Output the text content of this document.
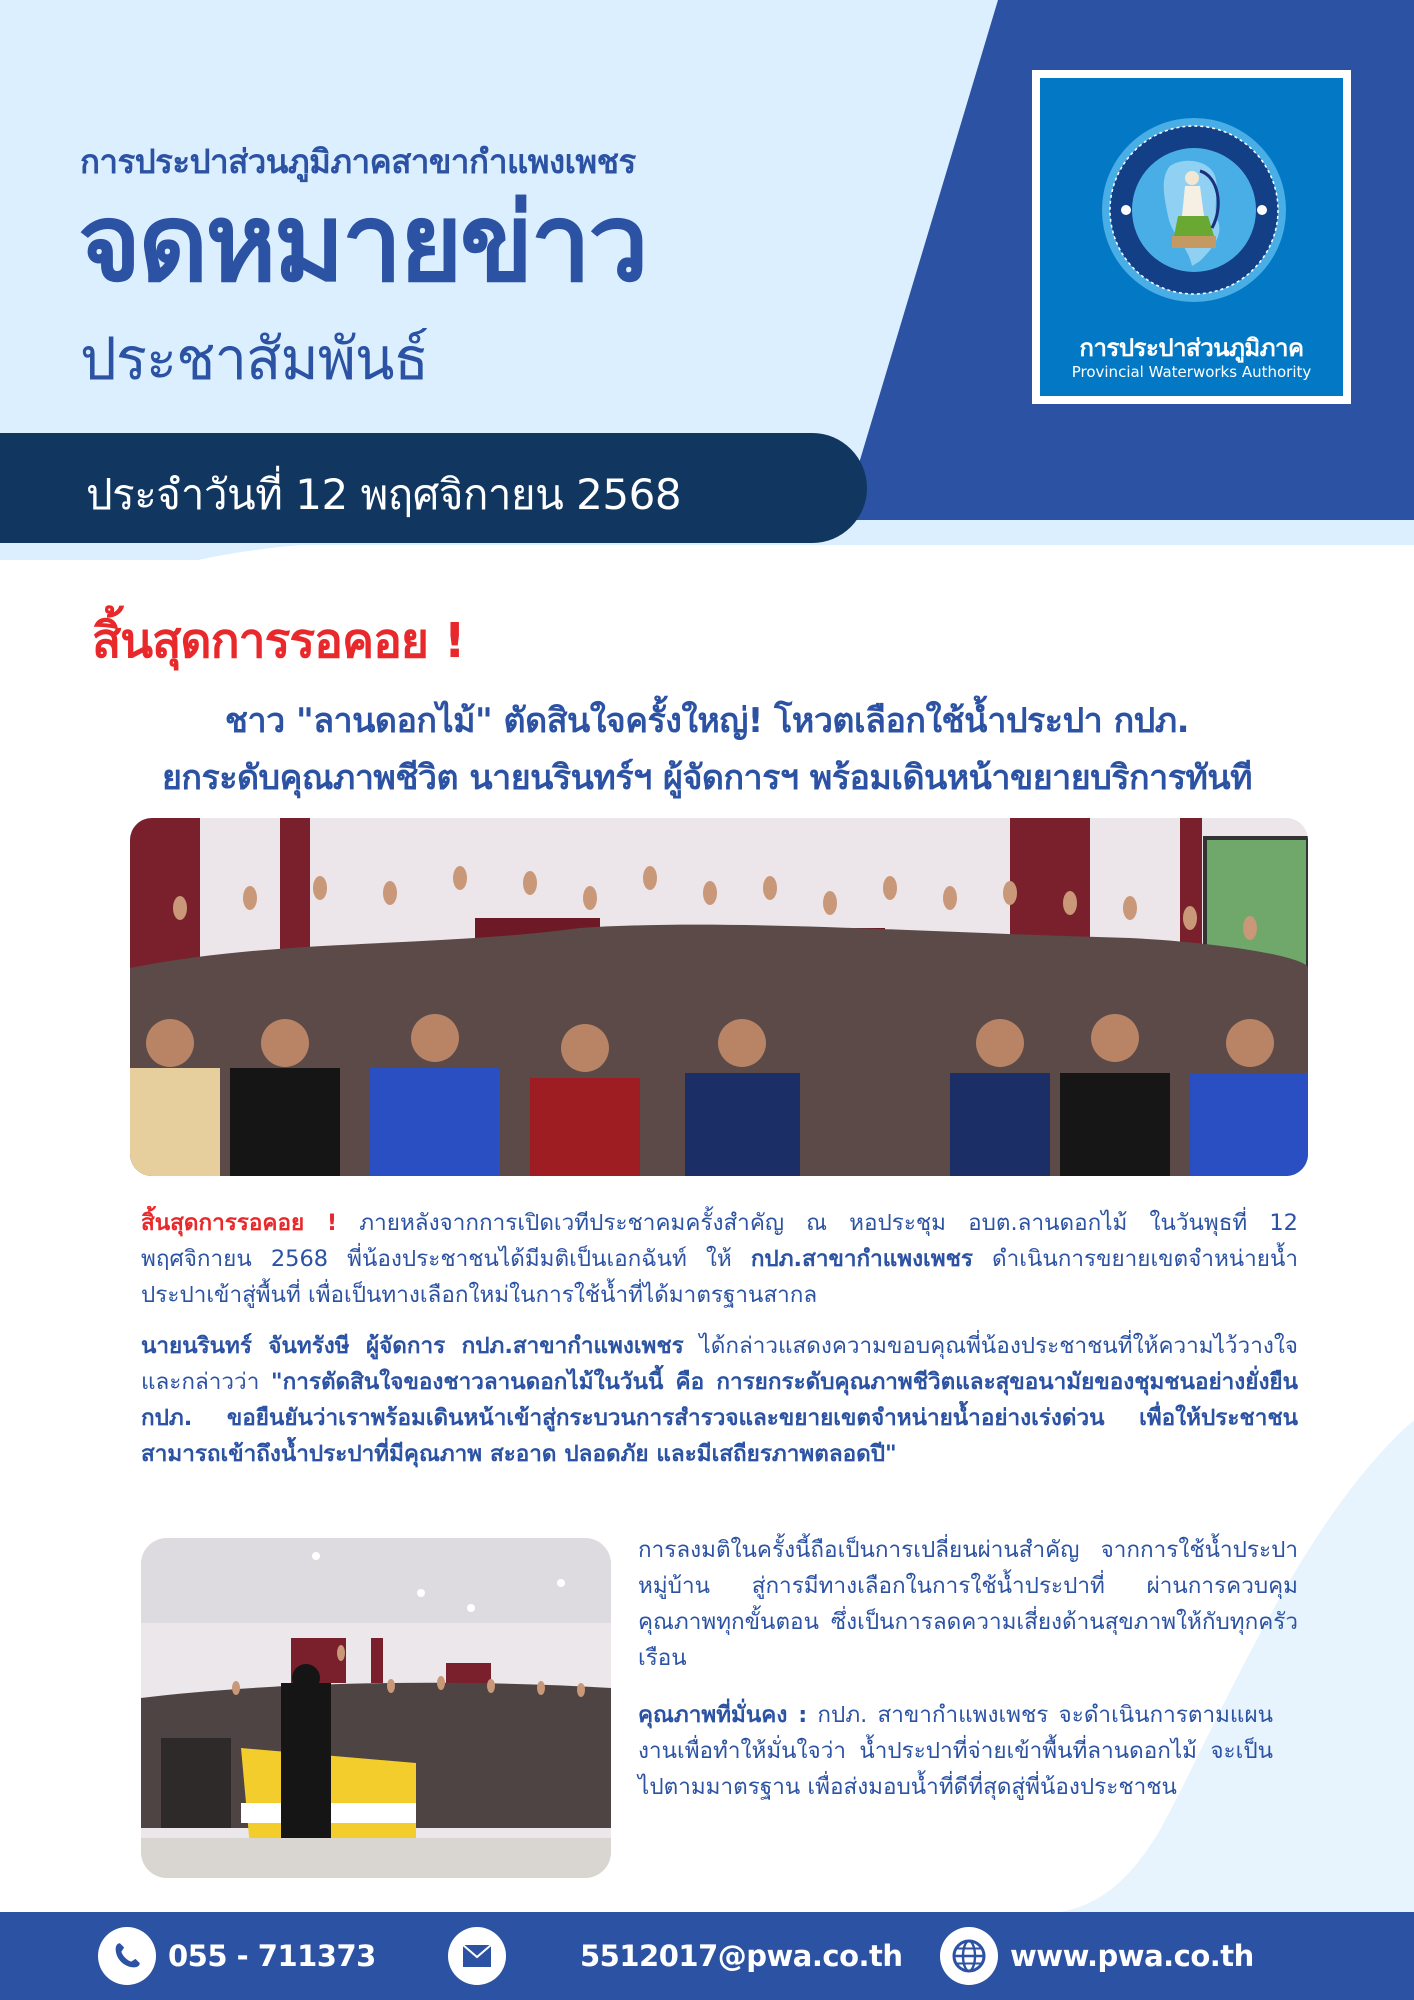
การประปาส่วนภูมิภาคสาขากำแพงเพชร
จดหมายข่าว
ประชาสัมพันธ์
ประจำวันที่ 12 พฤศจิกายน 2568
การประปาส่วนภูมิภาค
Provincial Waterworks Authority
สิ้นสุดการรอคอย !
ชาว "ลานดอกไม้" ตัดสินใจครั้งใหญ่! โหวตเลือกใช้น้ำประปา กปภ.
ยกระดับคุณภาพชีวิต นายนรินทร์ฯ ผู้จัดการฯ พร้อมเดินหน้าขยายบริการทันที

สิ้นสุดการรอคอย ! ภายหลังจากการเปิดเวทีประชาคมครั้งสำคัญ ณ หอประชุม อบต.ลานดอกไม้ ในวันพุธที่ 12 พฤศจิกายน 2568 พี่น้องประชาชนได้มีมติเป็นเอกฉันท์ ให้ กปภ.สาขากำแพงเพชร ดำเนินการขยายเขตจำหน่ายน้ำประปาเข้าสู่พื้นที่ เพื่อเป็นทางเลือกใหม่ในการใช้น้ำที่ได้มาตรฐานสากล

นายนรินทร์ จันทรังษี ผู้จัดการ กปภ.สาขากำแพงเพชร ได้กล่าวแสดงความขอบคุณพี่น้องประชาชนที่ให้ความไว้วางใจ และกล่าวว่า "การตัดสินใจของชาวลานดอกไม้ในวันนี้ คือ การยกระดับคุณภาพชีวิตและสุขอนามัยของชุมชนอย่างยั่งยืน กปภ. ขอยืนยันว่าเราพร้อมเดินหน้าเข้าสู่กระบวนการสำรวจและขยายเขตจำหน่ายน้ำอย่างเร่งด่วน เพื่อให้ประชาชนสามารถเข้าถึงน้ำประปาที่มีคุณภาพ สะอาด ปลอดภัย และมีเสถียรภาพตลอดปี"

การลงมติในครั้งนี้ถือเป็นการเปลี่ยนผ่านสำคัญ จากการใช้น้ำประปาหมู่บ้าน สู่การมีทางเลือกในการใช้น้ำประปาที่ ผ่านการควบคุมคุณภาพทุกขั้นตอน ซึ่งเป็นการลดความเสี่ยงด้านสุขภาพให้กับทุกครัวเรือน

คุณภาพที่มั่นคง : กปภ. สาขากำแพงเพชร จะดำเนินการตามแผนงานเพื่อทำให้มั่นใจว่า น้ำประปาที่จ่ายเข้าพื้นที่ลานดอกไม้ จะเป็นไปตามมาตรฐาน เพื่อส่งมอบน้ำที่ดีที่สุดสู่พี่น้องประชาชน

055 - 711373	5512017@pwa.co.th	www.pwa.co.th
